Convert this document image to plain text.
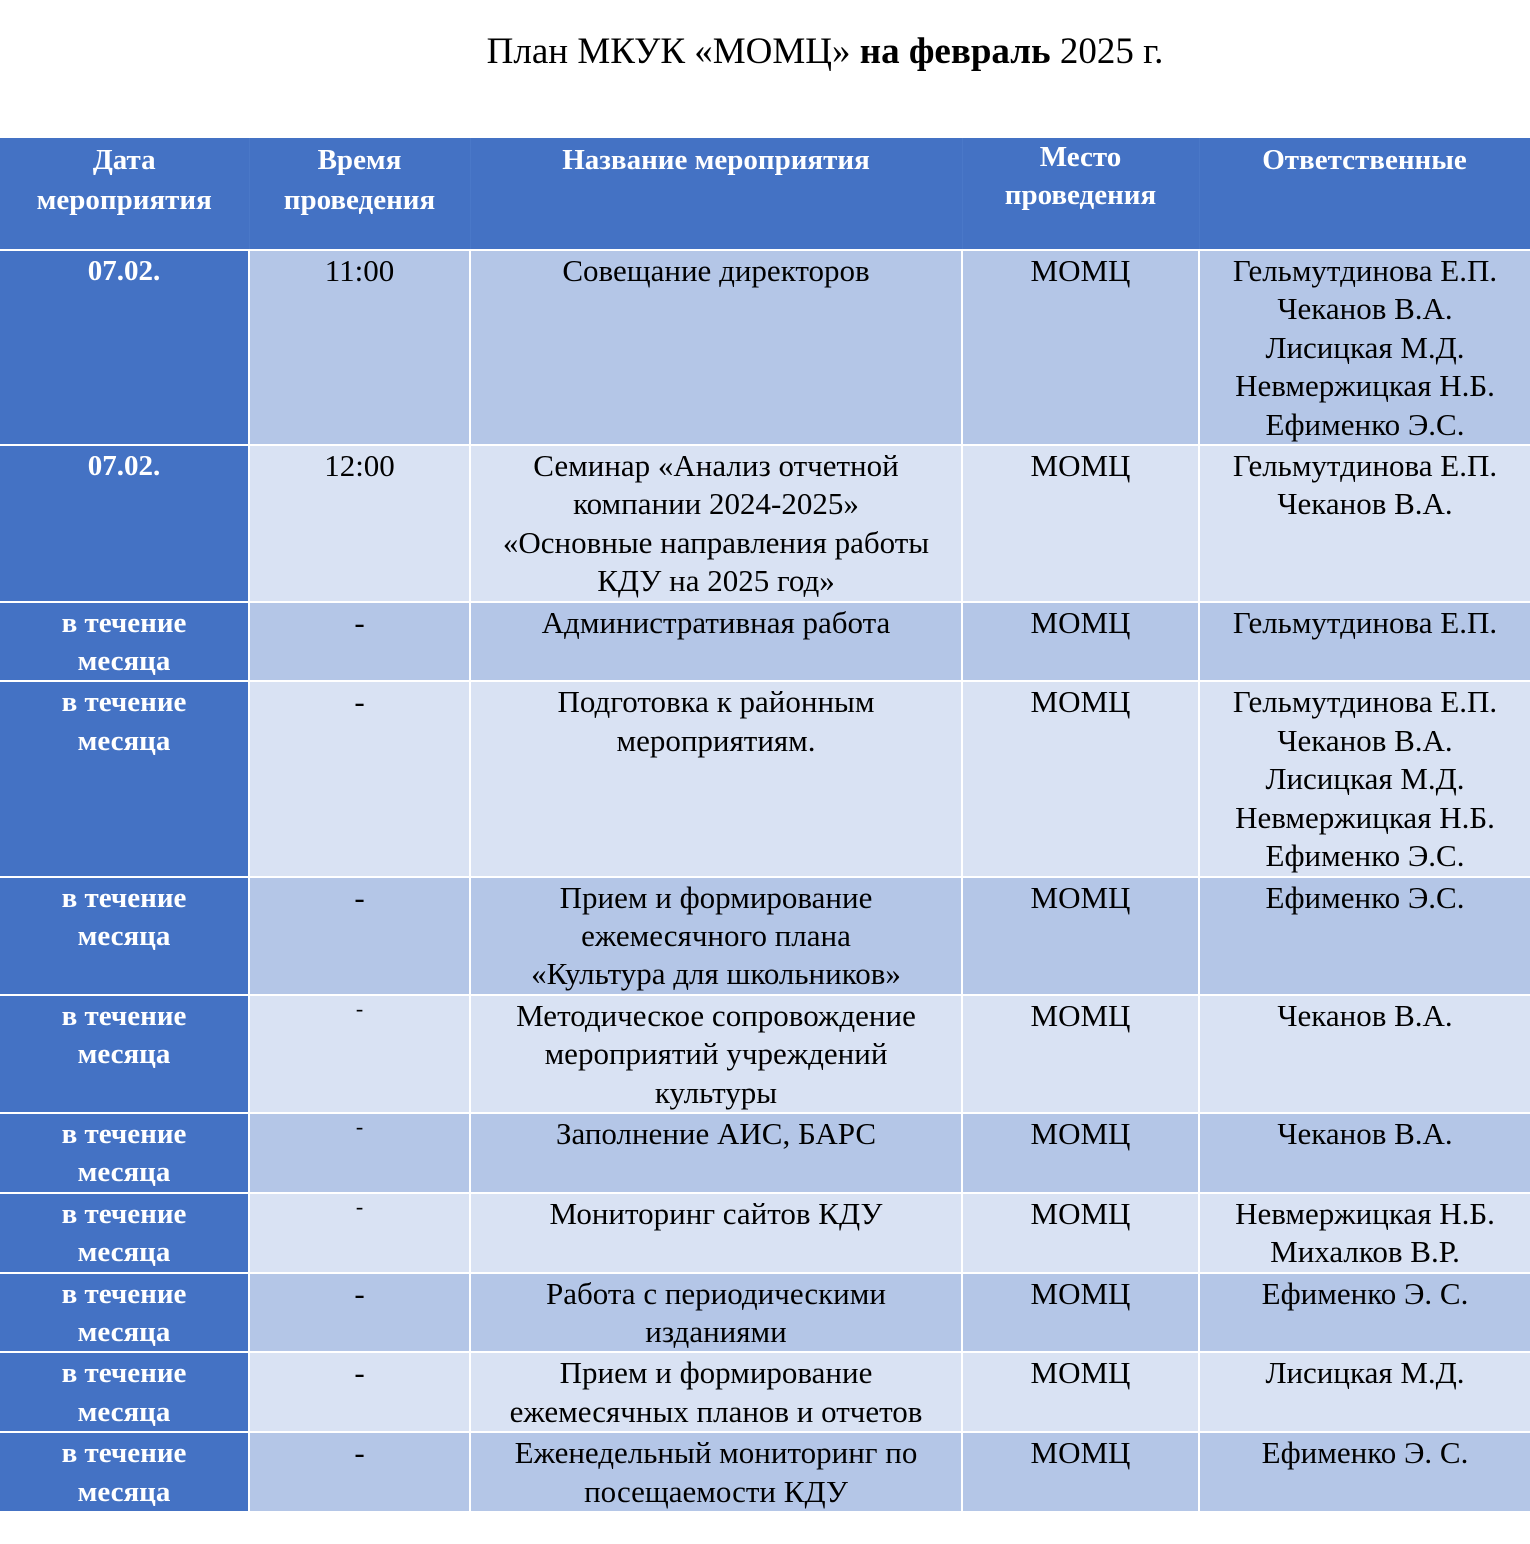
План МКУК «МОМЦ» на февраль 2025 г.
Дата
мероприятия	Время
проведения	Название мероприятия	Место
проведения	Ответственные

07.02.	11:00	Совещание директоров	МОМЦ	Гельмутдинова Е.П.
Чеканов В.А.
Лисицкая М.Д.
Невмержицкая Н.Б.
Ефименко Э.С.

07.02.	12:00	Семинар «Анализ отчетной
компании 2024-2025»
«Основные направления работы
КДУ на 2025 год»	МОМЦ	Гельмутдинова Е.П.
Чеканов В.А.

в течение
месяца	-	Административная работа	МОМЦ	Гельмутдинова Е.П.

в течение
месяца	-	Подготовка к районным
мероприятиям.	МОМЦ	Гельмутдинова Е.П.
Чеканов В.А.
Лисицкая М.Д.
Невмержицкая Н.Б.
Ефименко Э.С.

в течение
месяца	-	Прием и формирование
ежемесячного плана
«Культура для школьников»	МОМЦ	Ефименко Э.С.

в течение
месяца	-	Методическое сопровождение
мероприятий учреждений
культуры	МОМЦ	Чеканов В.А.

в течение
месяца	-	Заполнение АИС, БАРС	МОМЦ	Чеканов В.А.

в течение
месяца	-	Мониторинг сайтов КДУ	МОМЦ	Невмержицкая Н.Б.
Михалков В.Р.

в течение
месяца	-	Работа с периодическими
изданиями	МОМЦ	Ефименко Э. С.

в течение
месяца	-	Прием и формирование
ежемесячных планов и отчетов	МОМЦ	Лисицкая М.Д.

в течение
месяца	-	Еженедельный мониторинг по
посещаемости КДУ	МОМЦ	Ефименко Э. С.
